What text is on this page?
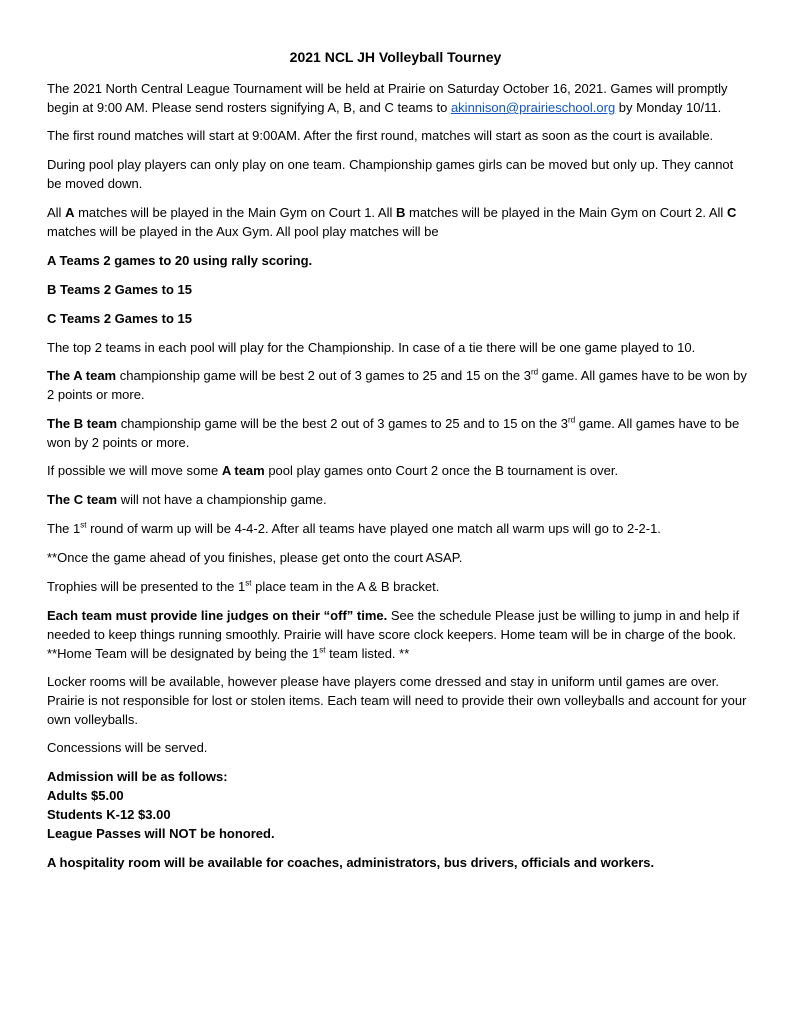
2021 NCL JH Volleyball Tourney

The 2021 North Central League Tournament will be held at Prairie on Saturday October 16, 2021. Games will promptly begin at 9:00 AM. Please send rosters signifying A, B, and C teams to akinnison@prairieschool.org by Monday 10/11.

The first round matches will start at 9:00AM. After the first round, matches will start as soon as the court is available.

During pool play players can only play on one team. Championship games girls can be moved but only up. They cannot be moved down.

All A matches will be played in the Main Gym on Court 1. All B matches will be played in the Main Gym on Court 2. All C matches will be played in the Aux Gym. All pool play matches will be

A Teams 2 games to 20 using rally scoring.

B Teams 2 Games to 15

C Teams 2 Games to 15

The top 2 teams in each pool will play for the Championship. In case of a tie there will be one game played to 10.

The A team championship game will be best 2 out of 3 games to 25 and 15 on the 3rd game. All games have to be won by 2 points or more.

The B team championship game will be the best 2 out of 3 games to 25 and to 15 on the 3rd game. All games have to be won by 2 points or more.

If possible we will move some A team pool play games onto Court 2 once the B tournament is over.

The C team will not have a championship game.

The 1st round of warm up will be 4-4-2. After all teams have played one match all warm ups will go to 2-2-1.

**Once the game ahead of you finishes, please get onto the court ASAP.

Trophies will be presented to the 1st place team in the A & B bracket.

Each team must provide line judges on their “off” time. See the schedule Please just be willing to jump in and help if needed to keep things running smoothly. Prairie will have score clock keepers. Home team will be in charge of the book.
**Home Team will be designated by being the 1st team listed. **

Locker rooms will be available, however please have players come dressed and stay in uniform until games are over. Prairie is not responsible for lost or stolen items. Each team will need to provide their own volleyballs and account for your own volleyballs.

Concessions will be served.

Admission will be as follows:
Adults $5.00
Students K-12 $3.00
League Passes will NOT be honored.

A hospitality room will be available for coaches, administrators, bus drivers, officials and workers.
